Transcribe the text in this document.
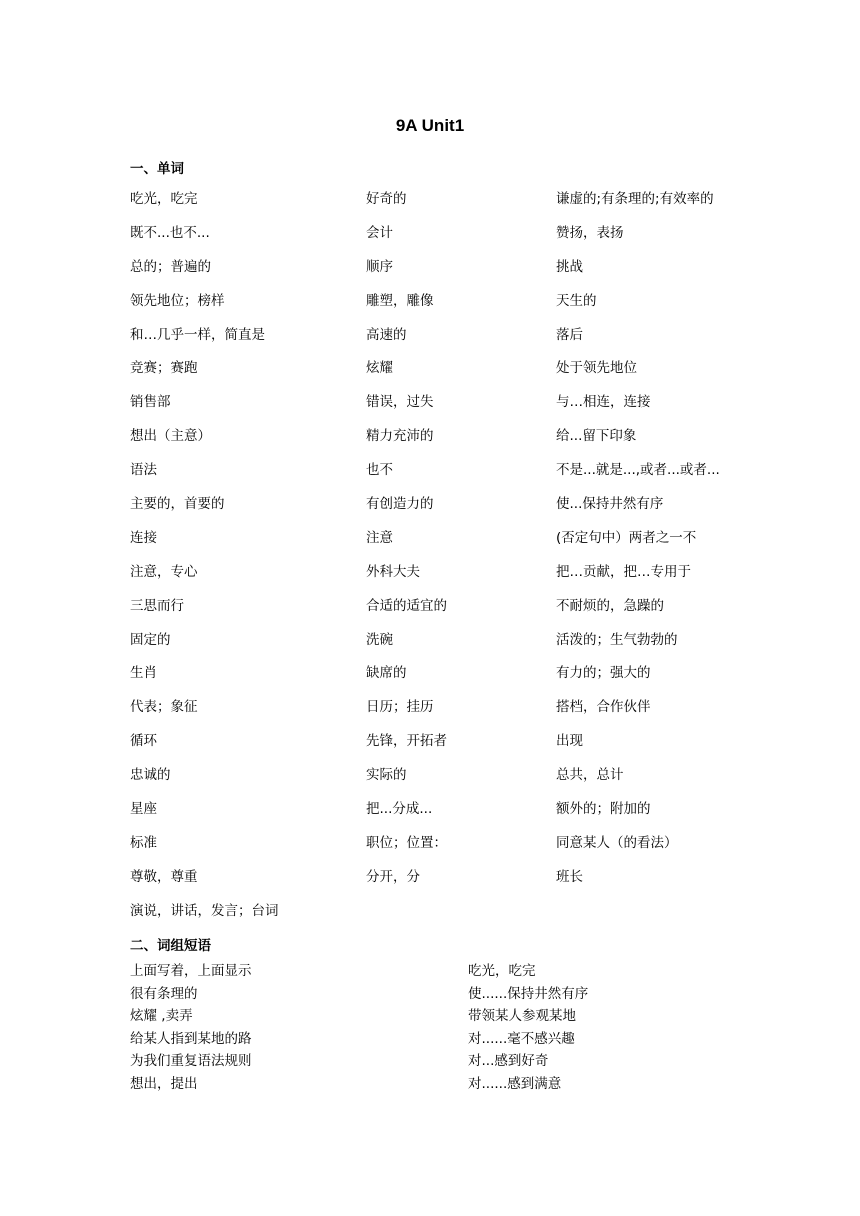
9A Unit1
一、单词
吃光，吃完	好奇的	谦虚的;有条理的;有效率的
既不...也不...	会计	赞扬，表扬
总的；普遍的	顺序	挑战
领先地位；榜样	雕塑，雕像	天生的
和…几乎一样，简直是	高速的	落后
竞赛；赛跑	炫耀	处于领先地位
销售部	错误，过失	与…相连，连接
想出（主意）	精力充沛的	给...留下印象
语法	也不	不是...就是...,或者...或者...
主要的，首要的	有创造力的	使...保持井然有序
连接	注意	(否定句中）两者之一不
注意，专心	外科大夫	把…贡献，把…专用于
三思而行	合适的适宜的	不耐烦的，急躁的
固定的	洗碗	活泼的；生气勃勃的
生肖	缺席的	有力的；强大的
代表；象征	日历；挂历	搭档，合作伙伴
循环	先锋，开拓者	出现
忠诚的	实际的	总共，总计
星座	把...分成...	额外的；附加的
标准	职位；位置：	同意某人（的看法）
尊敬，尊重	分开，分	班长
演说，讲话，发言；台词
二、词组短语
上面写着，上面显示	吃光，吃完
很有条理的	使......保持井然有序
炫耀 ,卖弄	带领某人参观某地
给某人指到某地的路	对......毫不感兴趣
为我们重复语法规则	对...感到好奇
想出，提出	对......感到满意
